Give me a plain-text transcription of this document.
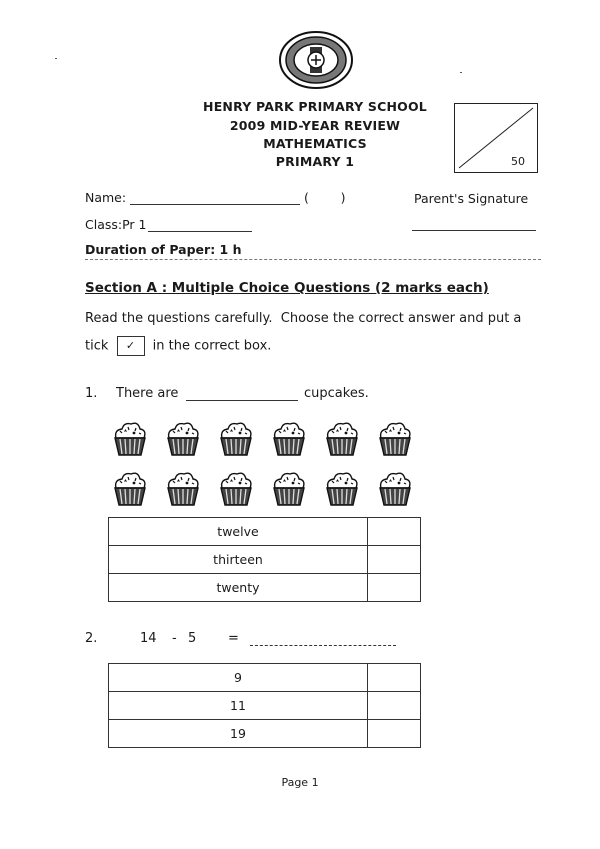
HENRY PARK PRIMARY SCHOOL
2009 MID-YEAR REVIEW
MATHEMATICS
PRIMARY 1	50
Name:	(        )	Parent's Signature
Class:Pr 1
Duration of Paper: 1 h
Section A : Multiple Choice Questions (2 marks each)
Read the questions carefully.  Choose the correct answer and put a
tick ✓ in the correct box.
1. There are	cupcakes.
twelve	
thirteen	
twenty	
2.	14 - 5 =
9	
11	
19	
Page 1
